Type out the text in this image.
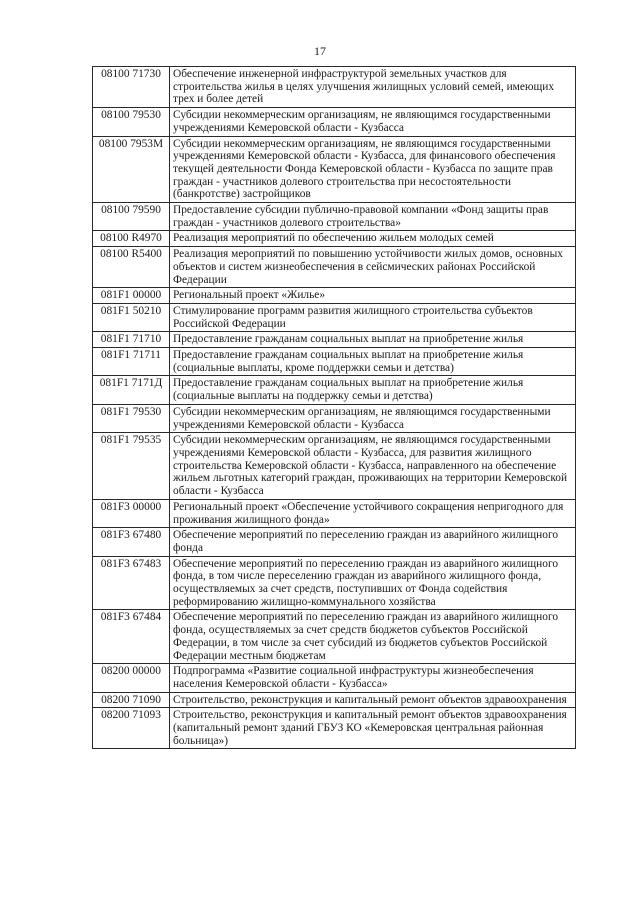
17
08100 71730	Обеспечение инженерной инфраструктурой земельных участков для строительства жилья в целях улучшения жилищных условий семей, имеющих трех и более детей
08100 79530	Субсидии некоммерческим организациям, не являющимся государственными учреждениями Кемеровской области - Кузбасса
08100 7953М	Субсидии некоммерческим организациям, не являющимся государственными учреждениями Кемеровской области - Кузбасса, для финансового обеспечения текущей деятельности Фонда Кемеровской области - Кузбасса по защите прав граждан - участников долевого строительства при несостоятельности (банкротстве) застройщиков
08100 79590	Предоставление субсидии публично-правовой компании «Фонд защиты прав граждан - участников долевого строительства»
08100 R4970	Реализация мероприятий по обеспечению жильем молодых семей
08100 R5400	Реализация мероприятий по повышению устойчивости жилых домов, основных объектов и систем жизнеобеспечения в сейсмических районах Российской Федерации
081F1 00000	Региональный проект «Жилье»
081F1 50210	Стимулирование программ развития жилищного строительства субъектов Российской Федерации
081F1 71710	Предоставление гражданам социальных выплат на приобретение жилья
081F1 71711	Предоставление гражданам социальных выплат на приобретение жилья (социальные выплаты, кроме поддержки семьи и детства)
081F1 7171Д	Предоставление гражданам социальных выплат на приобретение жилья (социальные выплаты на поддержку семьи и детства)
081F1 79530	Субсидии некоммерческим организациям, не являющимся государственными учреждениями Кемеровской области - Кузбасса
081F1 79535	Субсидии некоммерческим организациям, не являющимся государственными учреждениями Кемеровской области - Кузбасса, для развития жилищного строительства Кемеровской области - Кузбасса, направленного на обеспечение жильем льготных категорий граждан, проживающих на территории Кемеровской области - Кузбасса
081F3 00000	Региональный проект «Обеспечение устойчивого сокращения непригодного для проживания жилищного фонда»
081F3 67480	Обеспечение мероприятий по переселению граждан из аварийного жилищного фонда
081F3 67483	Обеспечение мероприятий по переселению граждан из аварийного жилищного фонда, в том числе переселению граждан из аварийного жилищного фонда, осуществляемых за счет средств, поступивших от Фонда содействия реформированию жилищно-коммунального хозяйства
081F3 67484	Обеспечение мероприятий по переселению граждан из аварийного жилищного фонда, осуществляемых за счет средств бюджетов субъектов Российской Федерации, в том числе за счет субсидий из бюджетов субъектов Российской Федерации местным бюджетам
08200 00000	Подпрограмма «Развитие социальной инфраструктуры жизнеобеспечения населения Кемеровской области - Кузбасса»
08200 71090	Строительство, реконструкция и капитальный ремонт объектов здравоохранения
08200 71093	Строительство, реконструкция и капитальный ремонт объектов здравоохранения (капитальный ремонт зданий ГБУЗ КО «Кемеровская центральная районная больница»)
